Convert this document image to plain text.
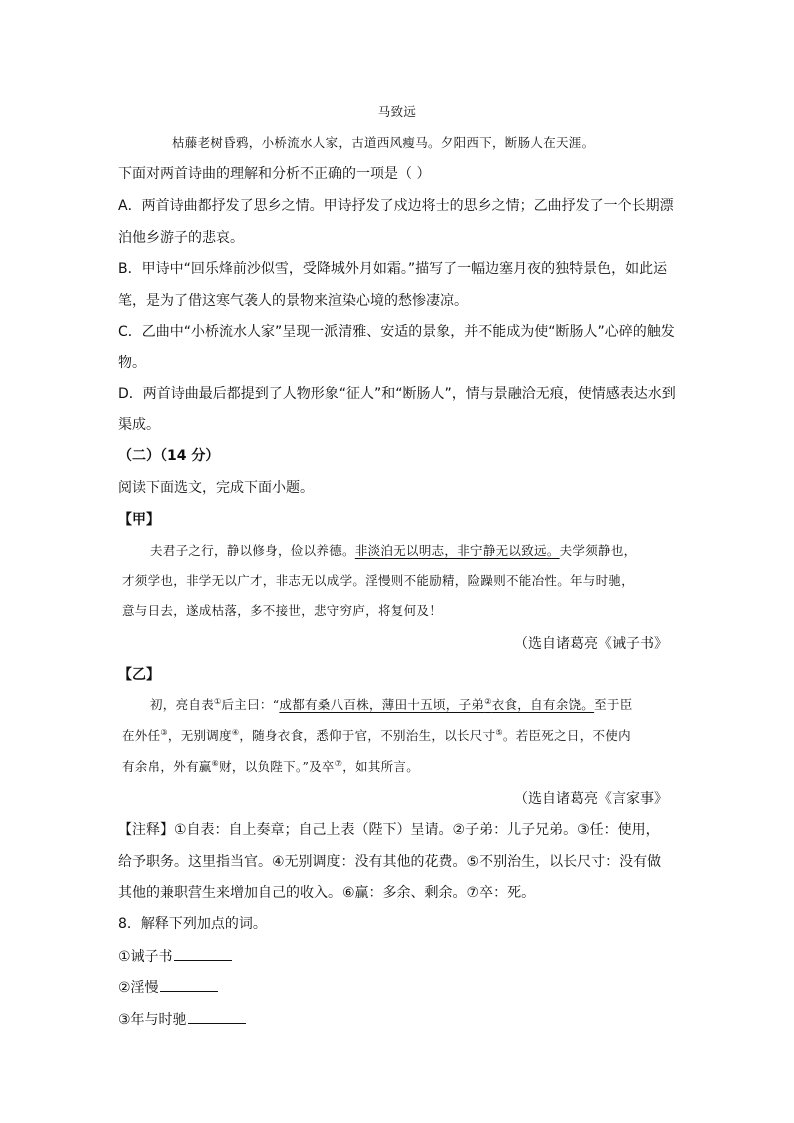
马致远
枯藤老树昏鸦，小桥流水人家，古道西风瘦马。夕阳西下，断肠人在天涯。
下面对两首诗曲的理解和分析不正确的一项是（ ）
A．两首诗曲都抒发了思乡之情。甲诗抒发了戍边将士的思乡之情；乙曲抒发了一个长期漂
泊他乡游子的悲哀。
B．甲诗中“回乐烽前沙似雪，受降城外月如霜。”描写了一幅边塞月夜的独特景色，如此运
笔，是为了借这寒气袭人的景物来渲染心境的愁惨凄凉。
C．乙曲中“小桥流水人家”呈现一派清雅、安适的景象，并不能成为使“断肠人”心碎的触发
物。
D．两首诗曲最后都提到了人物形象“征人”和“断肠人”，情与景融洽无痕，使情感表达水到
渠成。
（二）（14 分）
阅读下面选文，完成下面小题。
【甲】
夫君子之行，静以修身，俭以养德。非淡泊无以明志，非宁静无以致远。夫学须静也，
才须学也，非学无以广才，非志无以成学。淫慢则不能励精，险躁则不能冶性。年与时驰，
意与日去，遂成枯落，多不接世，悲守穷庐，将复何及！
（选自诸葛亮《诫子书》
【乙】
初，亮自表①后主曰：“成都有桑八百株，薄田十五顷，子弟②衣食，自有余饶。至于臣
在外任③，无别调度④，随身衣食，悉仰于官，不别治生，以长尺寸⑤。若臣死之日，不使内
有余帛，外有赢⑥财，以负陛下。”及卒⑦，如其所言。
（选自诸葛亮《言家事》
【注释】①自表：自上奏章；自己上表（陛下）呈请。②子弟：儿子兄弟。③任：使用，
给予职务。这里指当官。④无别调度：没有其他的花费。⑤不别治生，以长尺寸：没有做
其他的兼职营生来增加自己的收入。⑥赢：多余、剩余。⑦卒：死。
8．解释下列加点的词。
①诫子书
②淫慢
③年与时驰
